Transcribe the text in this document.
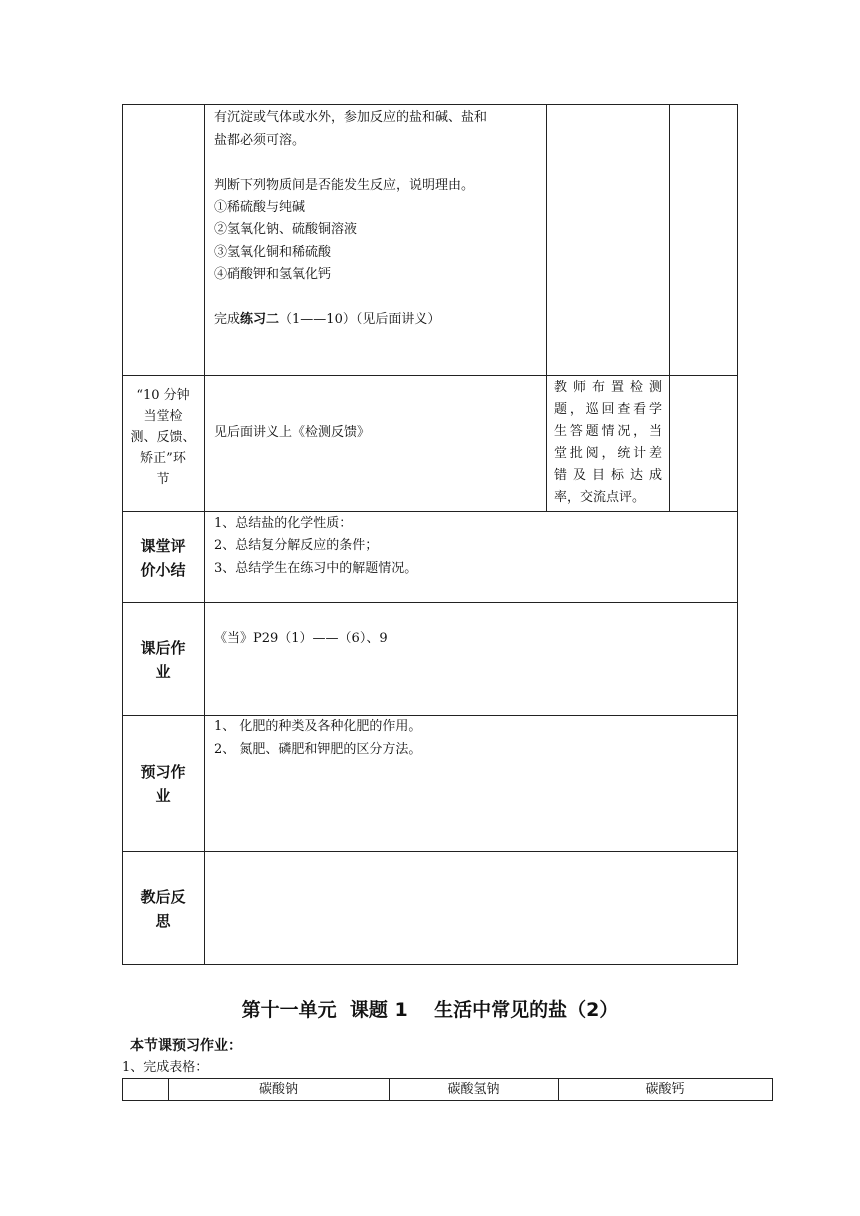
有沉淀或气体或水外，参加反应的盐和碱、盐和
盐都必须可溶。
判断下列物质间是否能发生反应，说明理由。
①稀硫酸与纯碱
②氢氧化钠、硫酸铜溶液
③氢氧化铜和稀硫酸
④硝酸钾和氢氧化钙
完成练习二（1——10）（见后面讲义）
“10 分钟
当堂检
测、反馈、
矫正”环
节
见后面讲义上《检测反馈》
教师布置检测
题，巡回查看学
生答题情况，当
堂批阅，统计差
错及目标达成
率，交流点评。
课堂评
价小结
1、总结盐的化学性质：
2、总结复分解反应的条件；
3、总结学生在练习中的解题情况。
课后作
业
《当》P29（1）——（6）、9
预习作
业
1、 化肥的种类及各种化肥的作用。
2、 氮肥、磷肥和钾肥的区分方法。
教后反
思
第十一单元  课题 1    生活中常见的盐（2）
本节课预习作业：
1、完成表格：
碳酸钠	碳酸氢钠	碳酸钙
